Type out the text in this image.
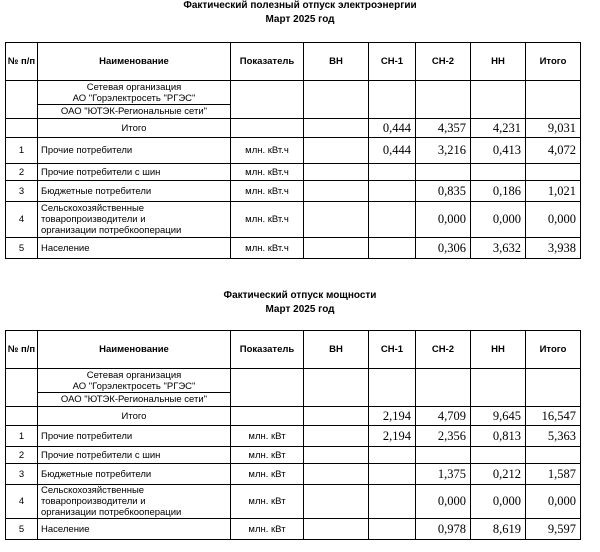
Фактический полезный отпуск электроэнергии
Март 2025 год
№ п/п	Наименование	Показатель	ВН	СН-1	СН-2	НН	Итого

	Сетевая организация
АО "Горэлектросеть "РГЭС"						

	ОАО "ЮТЭК-Региональные сети"						
	Итого			0,444	4,357	4,231	9,031
1	Прочие потребители	млн. кВт.ч		0,444	3,216	0,413	4,072
2	Прочие потребители с шин	млн. кВт.ч					
3	Бюджетные потребители	млн. кВт.ч			0,835	0,186	1,021
4	Сельскохозяйственные
товаропроизводители и
организации потребкооперации	млн. кВт.ч			0,000	0,000	0,000
5	Население	млн. кВт.ч			0,306	3,632	3,938
Фактический отпуск мощности
Март 2025 год
№ п/п	Наименование	Показатель	ВН	СН-1	СН-2	НН	Итого

	Сетевая организация
АО "Горэлектросеть "РГЭС"						

	ОАО "ЮТЭК-Региональные сети"						
	Итого			2,194	4,709	9,645	16,547
1	Прочие потребители	млн. кВт		2,194	2,356	0,813	5,363
2	Прочие потребители с шин	млн. кВт					
3	Бюджетные потребители	млн. кВт			1,375	0,212	1,587
4	Сельскохозяйственные
товаропроизводители и
организации потребкооперации	млн. кВт			0,000	0,000	0,000
5	Население	млн. кВт			0,978	8,619	9,597
